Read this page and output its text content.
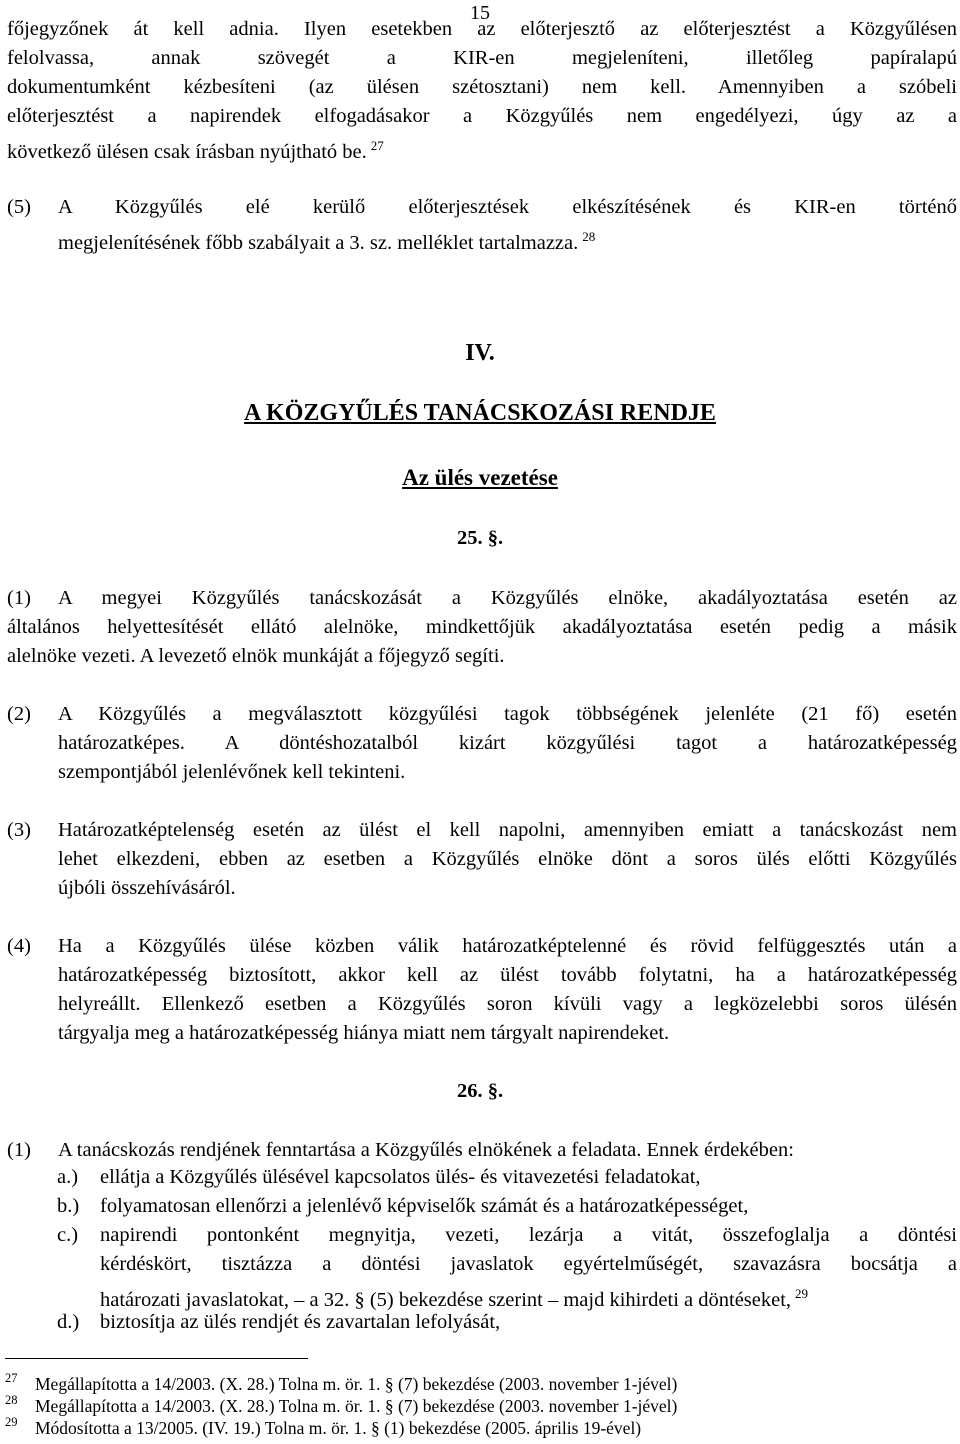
15
főjegyzőnek át kell adnia. Ilyen esetekben az előterjesztő az előterjesztést a Közgyűlésen
felolvassa, annak szövegét a KIR-en megjeleníteni, illetőleg papíralapú
dokumentumként kézbesíteni (az ülésen szétosztani) nem kell. Amennyiben a szóbeli
előterjesztést a napirendek elfogadásakor a Közgyűlés nem engedélyezi, úgy az a
következő ülésen csak írásban nyújtható be. $^{27}$
(5) A Közgyűlés elé kerülő előterjesztések elkészítésének és KIR-en történő
megjelenítésének főbb szabályait a 3. sz. melléklet tartalmazza. $^{28}$
IV.
A KÖZGYŰLÉS TANÁCSKOZÁSI RENDJE
Az ülés vezetése
25. §.
(1) A megyei Közgyűlés tanácskozását a Közgyűlés elnöke, akadályoztatása esetén az
általános helyettesítését ellátó alelnöke, mindkettőjük akadályoztatása esetén pedig a másik
alelnöke vezeti. A levezető elnök munkáját a főjegyző segíti.
(2) A Közgyűlés a megválasztott közgyűlési tagok többségének jelenléte (21 fő) esetén
határozatképes. A döntéshozatalból kizárt közgyűlési tagot a határozatképesség
szempontjából jelenlévőnek kell tekinteni.
(3) Határozatképtelenség esetén az ülést el kell napolni, amennyiben emiatt a tanácskozást nem
lehet elkezdeni, ebben az esetben a Közgyűlés elnöke dönt a soros ülés előtti Közgyűlés
újbóli összehívásáról.
(4) Ha a Közgyűlés ülése közben válik határozatképtelenné és rövid felfüggesztés után a
határozatképesség biztosított, akkor kell az ülést tovább folytatni, ha a határozatképesség
helyreállt. Ellenkező esetben a Közgyűlés soron kívüli vagy a legközelebbi soros ülésén
tárgyalja meg a határozatképesség hiánya miatt nem tárgyalt napirendeket.
26. §.
(1) A tanácskozás rendjének fenntartása a Közgyűlés elnökének a feladata. Ennek érdekében:
a.) ellátja a Közgyűlés ülésével kapcsolatos ülés- és vitavezetési feladatokat,
b.) folyamatosan ellenőrzi a jelenlévő képviselők számát és a határozatképességet,
c.) napirendi pontonként megnyitja, vezeti, lezárja a vitát, összefoglalja a döntési
kérdéskört, tisztázza a döntési javaslatok egyértelműségét, szavazásra bocsátja a
határozati javaslatokat, – a 32. § (5) bekezdése szerint – majd kihirdeti a döntéseket, $^{29}$
d.) biztosítja az ülés rendjét és zavartalan lefolyását,
27 Megállapította a 14/2003. (X. 28.) Tolna m. ör. 1. § (7) bekezdése (2003. november 1-jével)
28 Megállapította a 14/2003. (X. 28.) Tolna m. ör. 1. § (7) bekezdése (2003. november 1-jével)
29 Módosította a 13/2005. (IV. 19.) Tolna m. ör. 1. § (1) bekezdése (2005. április 19-ével)
